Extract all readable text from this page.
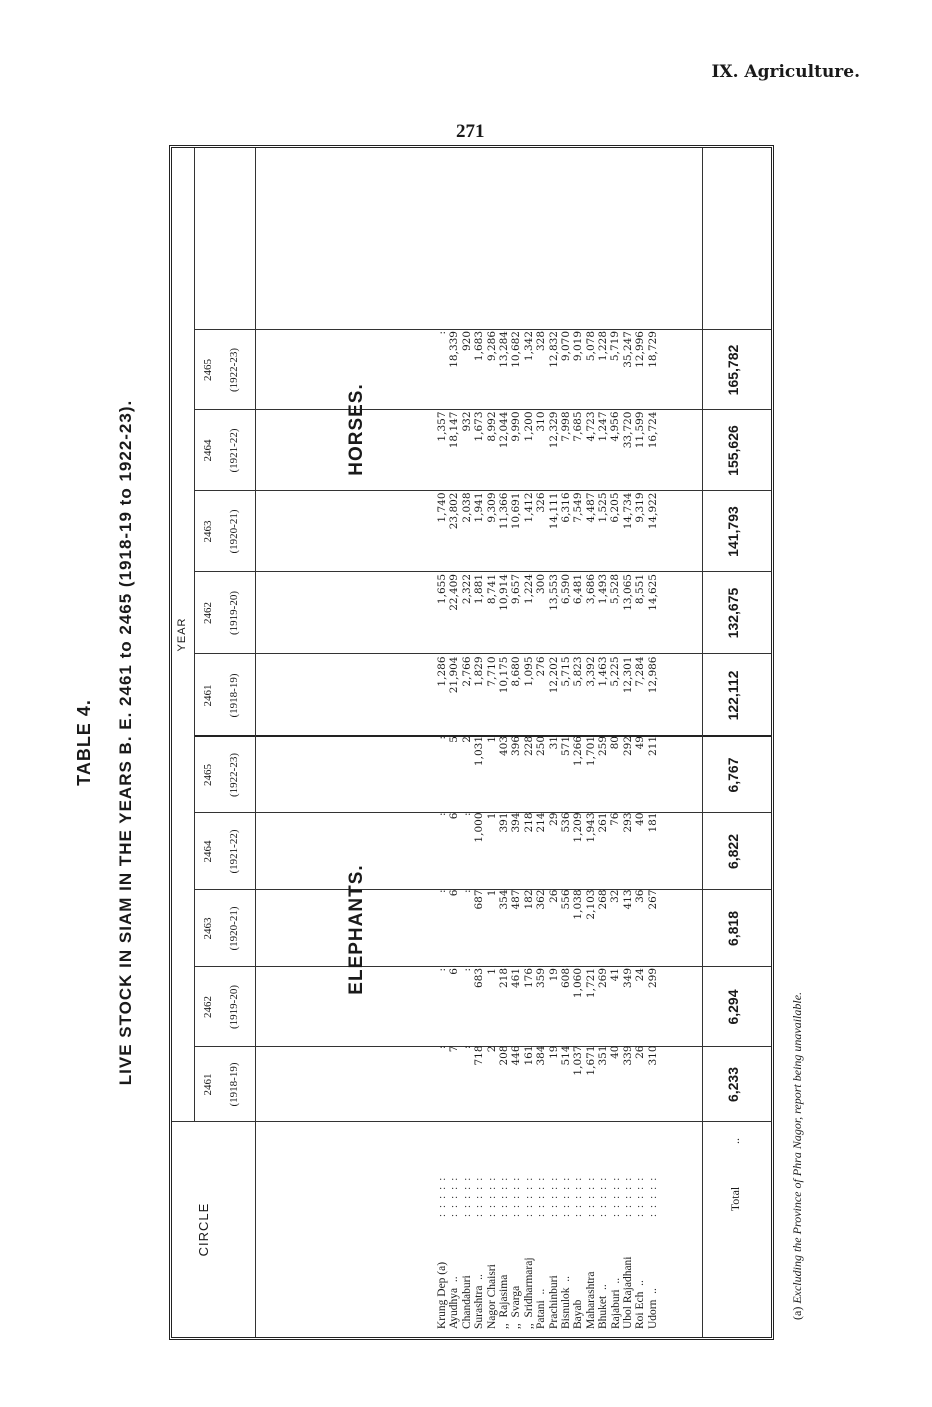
IX. Agriculture.
271
TABLE 4. LIVE STOCK IN SIAM IN THE YEARS B. E. 2461 to 2465 (1918-19 to 1922-23).
CIRCLE
YEAR
2461 (1918-19)
2462 (1919-20)
2463 (1920-21)
2464 (1921-22)
2465 (1922-23)
2461 (1918-19)
2462 (1919-20)
2463 (1920-21)
2464 (1921-22)
2465 (1922-23)
ELEPHANTS.
HORSES.
Krung Dep (a)
:::::
Ayudhya  ..
:::::
Chandaburi
:::::
Surashtra  ..
:::::
Nagor Chaisri
:::::
,,  Rajasima
:::::
,,  Svarga
:::::
,,  Sridharmaraj
:::::
Patani  ..
:::::
Prachinburi
:::::
Bisnulok  ..
:::::
Bayab
:::::
Maharashtra
:::::
Bhuket  ..
:::::
Rajaburi  ..
:::::
Ubol Rajadhani
:::::
Roi Ech  ..
:::::
Udorn  ..
:::::
: 7 : 718 2 208 446 161 384 19 514 1,037 1,671 351 40 339 26 310
: 6 : 683 1 218 461 176 359 19 608 1,060 1,721 269 41 349 24 299
: 6 : 687 1 354 487 182 362 26 556 1,038 2,103 268 32 413 36 267
: 6 : 1,000 1 391 394 218 214 29 536 1,209 1,943 261 76 293 40 181
: 5 2 1,031 1 403 396 228 250 31 571 1,266 1,701 259 80 292 49 211
1,286 21,904 2,766 1,829 7,710 10,175 8,680 1,095 276 12,202 5,715 5,823 3,392 1,463 5,225 12,301 7,284 12,986
1,655 22,409 2,322 1,881 8,741 10,914 9,657 1,224 300 13,553 6,590 6,481 3,686 1,493 5,528 13,065 8,551 14,625
1,740 23,802 2,038 1,941 9,309 11,366 10,691 1,412 326 14,111 6,316 7,549 4,487 1,525 6,205 14,734 9,319 14,922
1,357 18,147 932 1,673 8,992 12,044 9,990 1,200 310 12,329 7,998 7,685 4,723 1,247 4,956 33,720 11,599 16,724
: 18,339 920 1,683 9,286 13,284 10,682 1,342 328 12,832 9,070 9,019 5,078 1,228 5,719 35,247 12,996 18,729
Total
..
6,233
6,294
6,818
6,822
6,767
122,112
132,675
141,793
155,626
165,782
(a) Excluding the Province of Phra Nagor, report being unavailable.
